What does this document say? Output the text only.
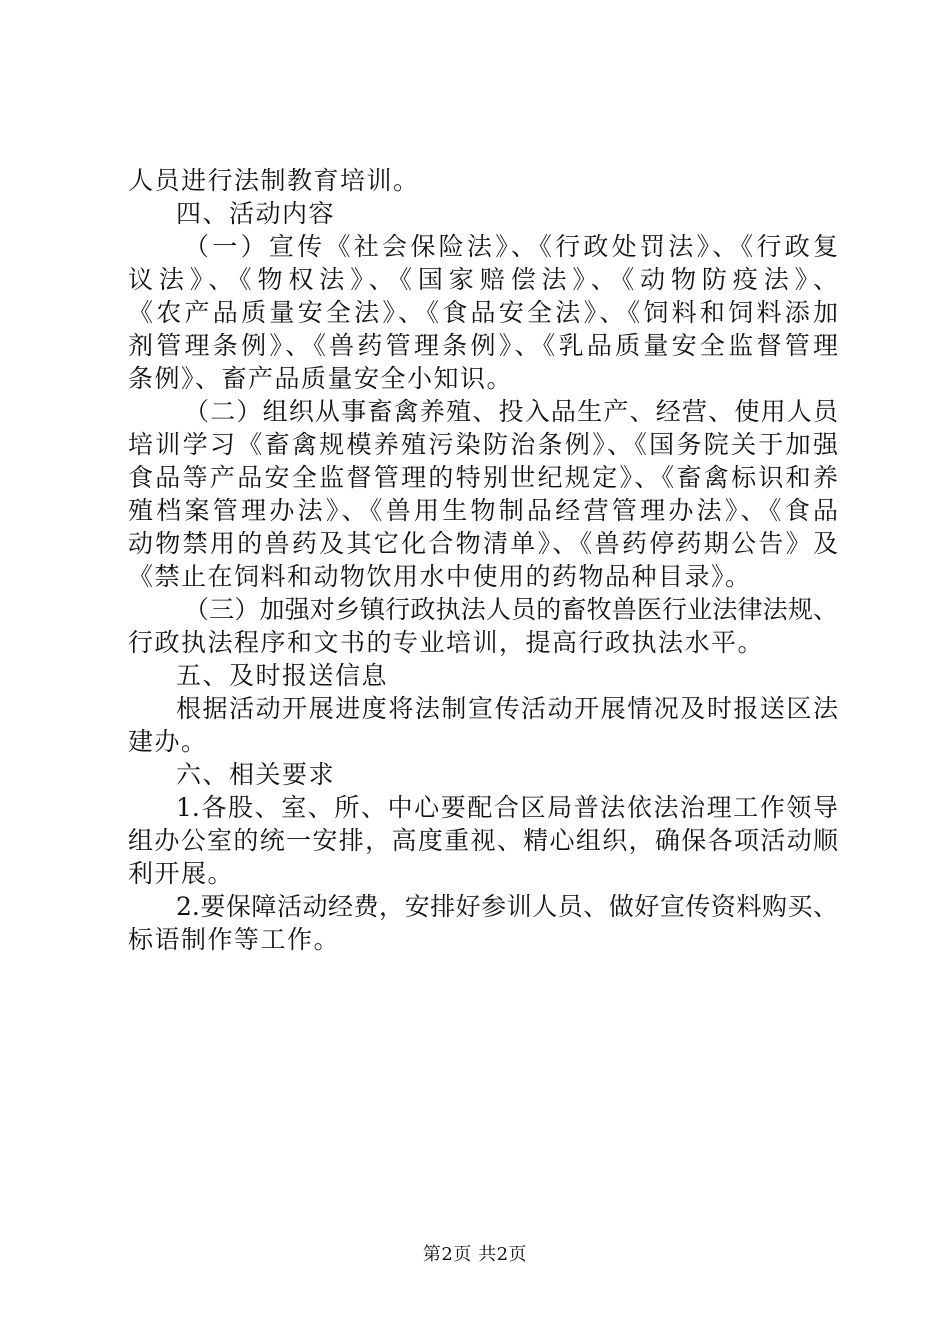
人员进行法制教育培训。
四、活动内容
（一）宣传《社会保险法》、《行政处罚法》、《行政复
议法》、《物权法》、《国家赔偿法》、《动物防疫法》、
《农产品质量安全法》、《食品安全法》、《饲料和饲料添加
剂管理条例》、《兽药管理条例》、《乳品质量安全监督管理
条例》、畜产品质量安全小知识。
（二）组织从事畜禽养殖、投入品生产、经营、使用人员
培训学习《畜禽规模养殖污染防治条例》、《国务院关于加强
食品等产品安全监督管理的特别世纪规定》、《畜禽标识和养
殖档案管理办法》、《兽用生物制品经营管理办法》、《食品
动物禁用的兽药及其它化合物清单》、《兽药停药期公告》及
《禁止在饲料和动物饮用水中使用的药物品种目录》。
（三）加强对乡镇行政执法人员的畜牧兽医行业法律法规、
行政执法程序和文书的专业培训，提高行政执法水平。
五、及时报送信息
根据活动开展进度将法制宣传活动开展情况及时报送区法
建办。
六、相关要求
1.各股、室、所、中心要配合区局普法依法治理工作领导
组办公室的统一安排，高度重视、精心组织，确保各项活动顺
利开展。
2.要保障活动经费，安排好参训人员、做好宣传资料购买、
标语制作等工作。
第2页 共2页
